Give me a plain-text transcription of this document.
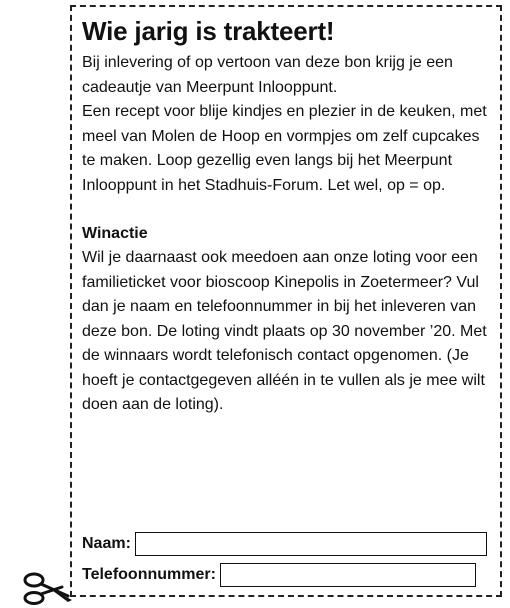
Wie jarig is trakteert!

Bij inlevering of op vertoon van deze bon krijg je een cadeautje van Meerpunt Inlooppunt.

Een recept voor blije kindjes en plezier in de keuken, met meel van Molen de Hoop en vormpjes om zelf cupcakes te maken. Loop gezellig even langs bij het Meerpunt Inlooppunt in het Stadhuis-Forum. Let wel, op = op.

Winactie

Wil je daarnaast ook meedoen aan onze loting voor een familieticket voor bioscoop Kinepolis in Zoetermeer? Vul dan je naam en telefoonnummer in bij het inleveren van deze bon. De loting vindt plaats op 30 november ’20. Met de winnaars wordt telefonisch contact opgenomen. (Je hoeft je contactgegeven alléén in te vullen als je mee wilt doen aan de loting).

Naam:
Telefoonnummer:
